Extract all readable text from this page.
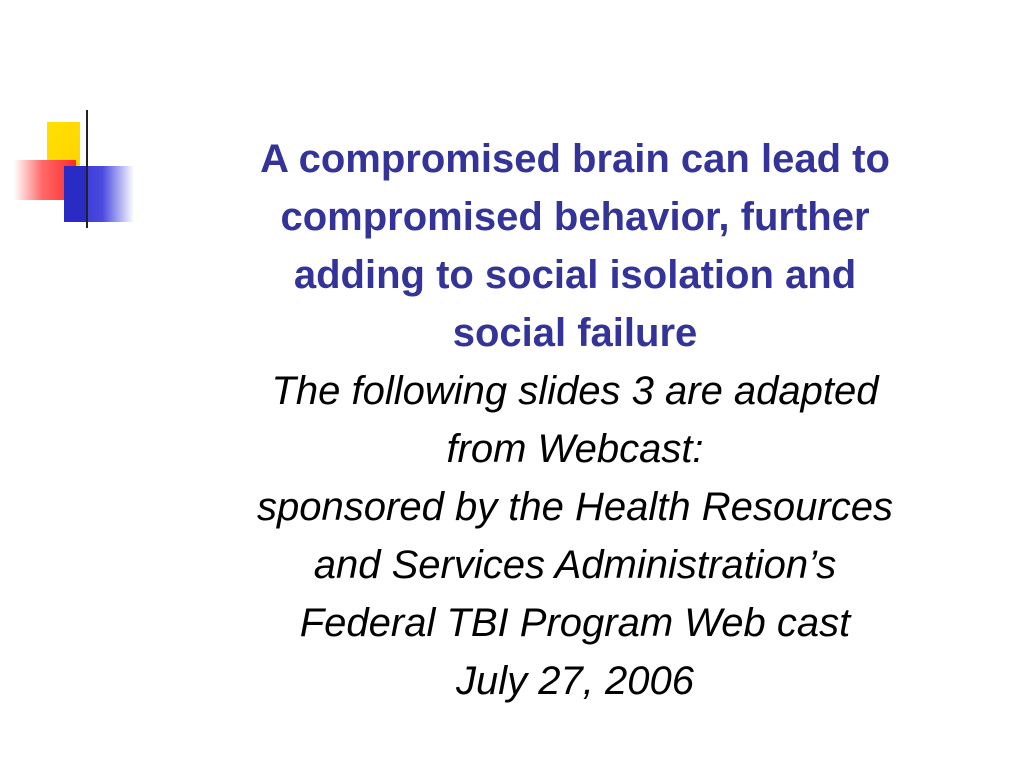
A compromised brain can lead to
compromised behavior, further
adding to social isolation and
social failure

The following slides 3 are adapted
from Webcast:
sponsored by the Health Resources
and Services Administration’s
Federal TBI Program Web cast
July 27, 2006
